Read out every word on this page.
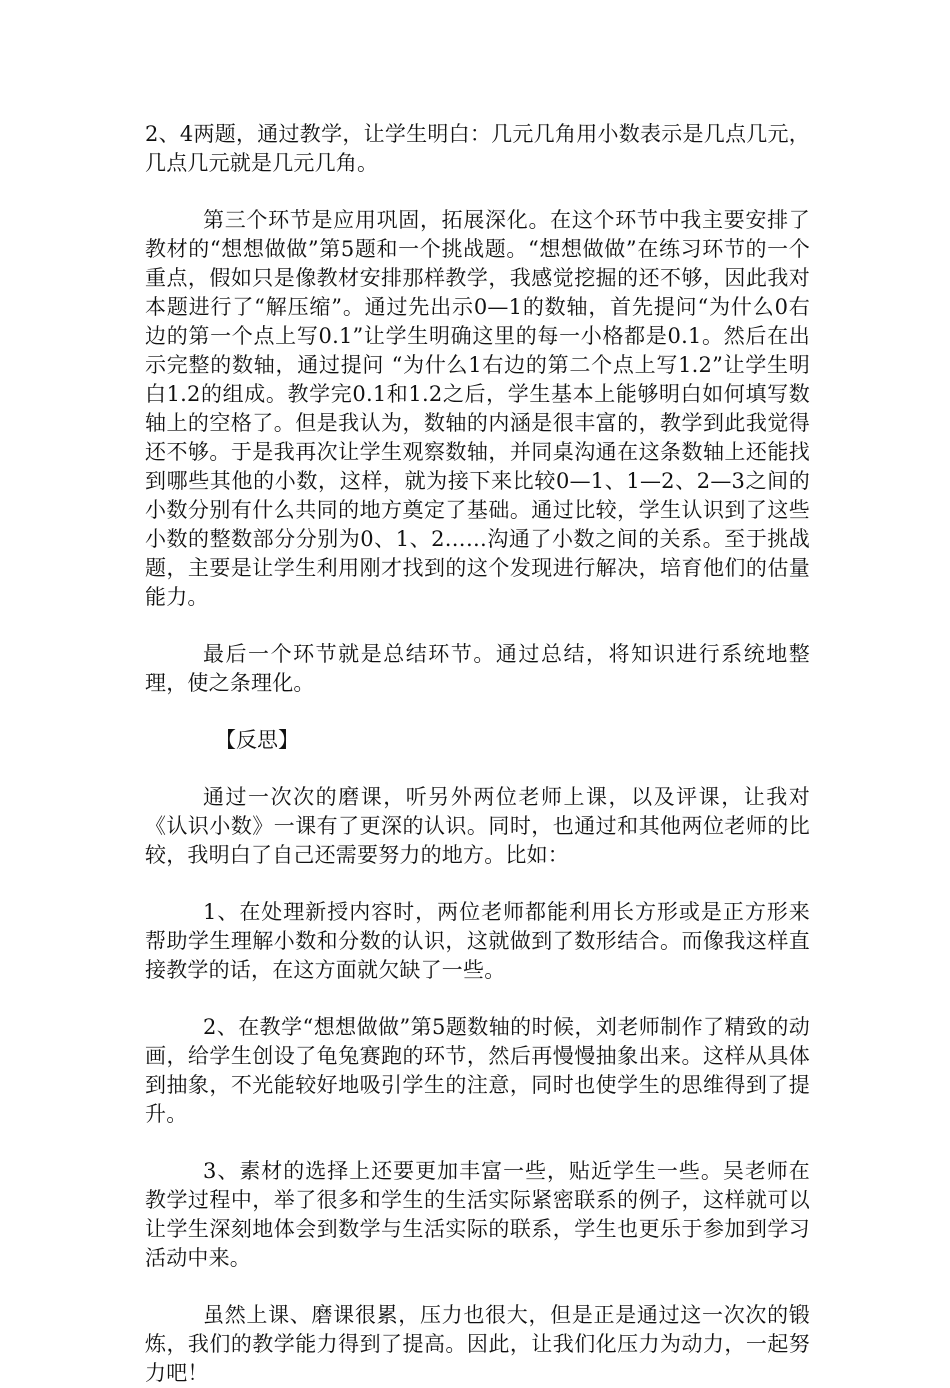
2、4两题，通过教学，让学生明白：几元几角用小数表示是几点几元，几点几元就是几元几角。

第三个环节是应用巩固，拓展深化。在这个环节中我主要安排了教材的“想想做做”第5题和一个挑战题。“想想做做”在练习环节的一个重点，假如只是像教材安排那样教学，我感觉挖掘的还不够，因此我对本题进行了“解压缩”。通过先出示0—1的数轴，首先提问“为什么0右边的第一个点上写0.1”让学生明确这里的每一小格都是0.1。然后在出示完整的数轴，通过提问 “为什么1右边的第二个点上写1.2”让学生明白1.2的组成。教学完0.1和1.2之后，学生基本上能够明白如何填写数轴上的空格了。但是我认为，数轴的内涵是很丰富的，教学到此我觉得还不够。于是我再次让学生观察数轴，并同桌沟通在这条数轴上还能找到哪些其他的小数，这样，就为接下来比较0—1、1—2、2—3之间的小数分别有什么共同的地方奠定了基础。通过比较，学生认识到了这些小数的整数部分分别为0、1、2……沟通了小数之间的关系。至于挑战题，主要是让学生利用刚才找到的这个发现进行解决，培育他们的估量能力。

最后一个环节就是总结环节。通过总结，将知识进行系统地整理，使之条理化。

【反思】

通过一次次的磨课，听另外两位老师上课，以及评课，让我对《认识小数》一课有了更深的认识。同时，也通过和其他两位老师的比较，我明白了自己还需要努力的地方。比如：

1、在处理新授内容时，两位老师都能利用长方形或是正方形来帮助学生理解小数和分数的认识，这就做到了数形结合。而像我这样直接教学的话，在这方面就欠缺了一些。

2、在教学“想想做做”第5题数轴的时候，刘老师制作了精致的动画，给学生创设了龟兔赛跑的环节，然后再慢慢抽象出来。这样从具体到抽象，不光能较好地吸引学生的注意，同时也使学生的思维得到了提升。

3、素材的选择上还要更加丰富一些，贴近学生一些。吴老师在教学过程中，举了很多和学生的生活实际紧密联系的例子，这样就可以让学生深刻地体会到数学与生活实际的联系，学生也更乐于参加到学习活动中来。

虽然上课、磨课很累，压力也很大，但是正是通过这一次次的锻炼，我们的教学能力得到了提高。因此，让我们化压力为动力，一起努力吧！
